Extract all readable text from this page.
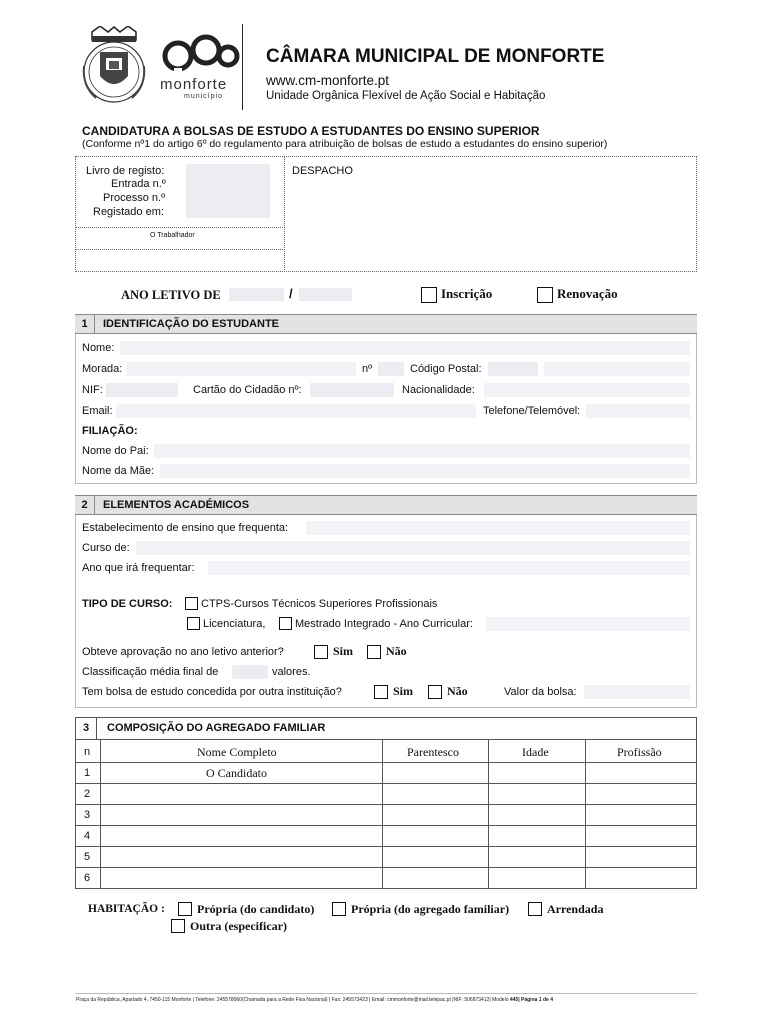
monforte
município
CÂMARA MUNICIPAL DE MONFORTE
www.cm-monforte.pt
Unidade Orgânica Flexível de Ação Social e Habitação
CANDIDATURA A BOLSAS DE ESTUDO A ESTUDANTES DO ENSINO SUPERIOR
(Conforme nº1 do artigo 6º do regulamento para atribuição de bolsas de estudo a estudantes do ensino superior)
Livro de registo:
Entrada n.º
Processo n.º
Registado em:
O Trabalhador
DESPACHO
ANO LETIVO DE	/	Inscrição	Renovação
1	IDENTIFICAÇÃO DO ESTUDANTE
Nome:
Morada:	nº	Código Postal:
NIF:	Cartão do Cidadão nº:	Nacionalidade:
Email:	Telefone/Telemóvel:
FILIAÇÃO:
Nome do Pai:
Nome da Mãe:
2	ELEMENTOS ACADÉMICOS
Estabelecimento de ensino que frequenta:
Curso de:
Ano que irá frequentar:
TIPO DE CURSO:	CTPS-Cursos Técnicos Superiores Profissionais
Licenciatura,	Mestrado Integrado - Ano Curricular:
Obteve aprovação no ano letivo anterior?	Sim	Não
Classificação média final de	valores.
Tem bolsa de estudo concedida por outra instituição?	Sim	Não	Valor da bolsa:
3	COMPOSIÇÃO DO AGREGADO FAMILIAR
n	Nome Completo	Parentesco	Idade	Profissão
1	O Candidato
2
3
4
5
6
HABITAÇÃO :	Própria (do candidato)	Própria (do agregado familiar)	Arrendada
Outra (especificar)
Praça da República, Apartado 4, 7450-115 Monforte | Telefone: 245578060(Chamada para a Rede Fixa Nacional) | Fax: 245573423 | Email: cmmonforte@mail.telepac.pt |NIF: 506873412| Modelo 445| Página 1 de 4
